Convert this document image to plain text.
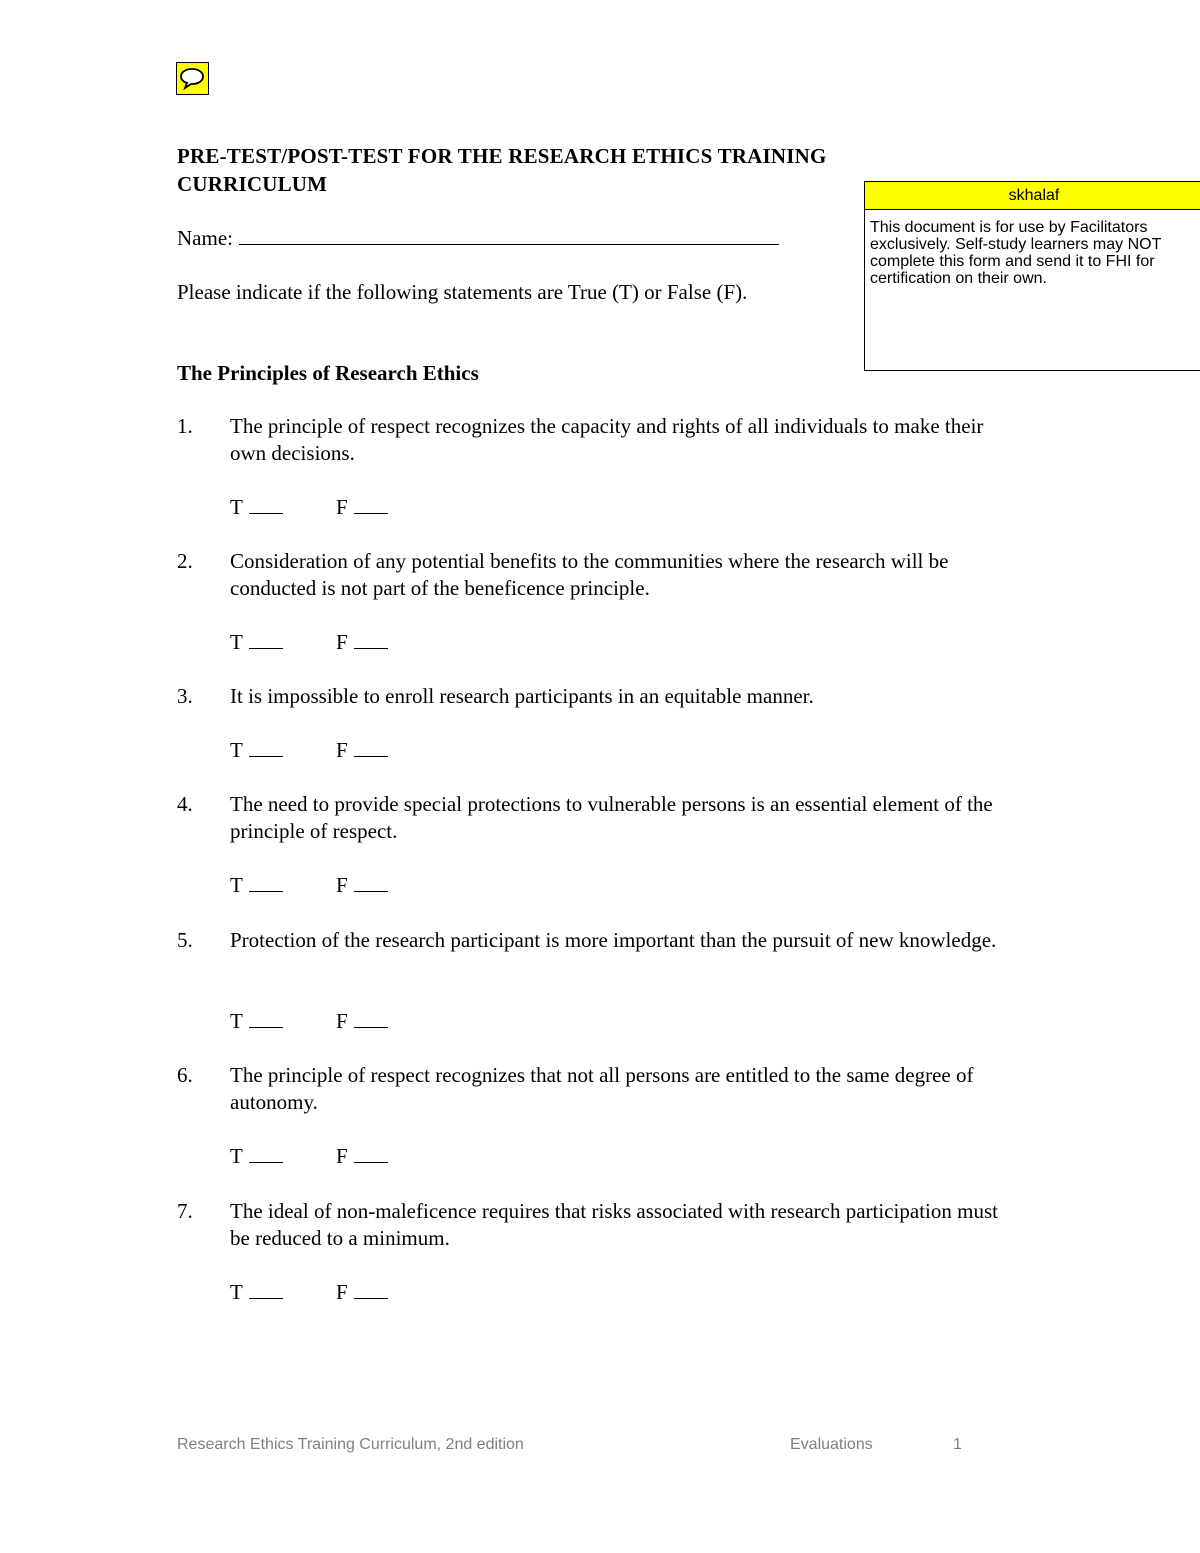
PRE-TEST/POST-TEST FOR THE RESEARCH ETHICS TRAINING CURRICULUM
Name:
Please indicate if the following statements are True (T) or False (F).
skhalaf
This document is for use by Facilitators exclusively. Self-study learners may NOT complete this form and send it to FHI for certification on their own.
The Principles of Research Ethics
1. The principle of respect recognizes the capacity and rights of all individuals to make their own decisions.
T	F
2. Consideration of any potential benefits to the communities where the research will be conducted is not part of the beneficence principle.
T	F
3. It is impossible to enroll research participants in an equitable manner.
T	F
4. The need to provide special protections to vulnerable persons is an essential element of the principle of respect.
T	F
5. Protection of the research participant is more important than the pursuit of new knowledge.
T	F
6. The principle of respect recognizes that not all persons are entitled to the same degree of autonomy.
T	F
7. The ideal of non-maleficence requires that risks associated with research participation must be reduced to a minimum.
T	F
Research Ethics Training Curriculum, 2nd edition	Evaluations	1
